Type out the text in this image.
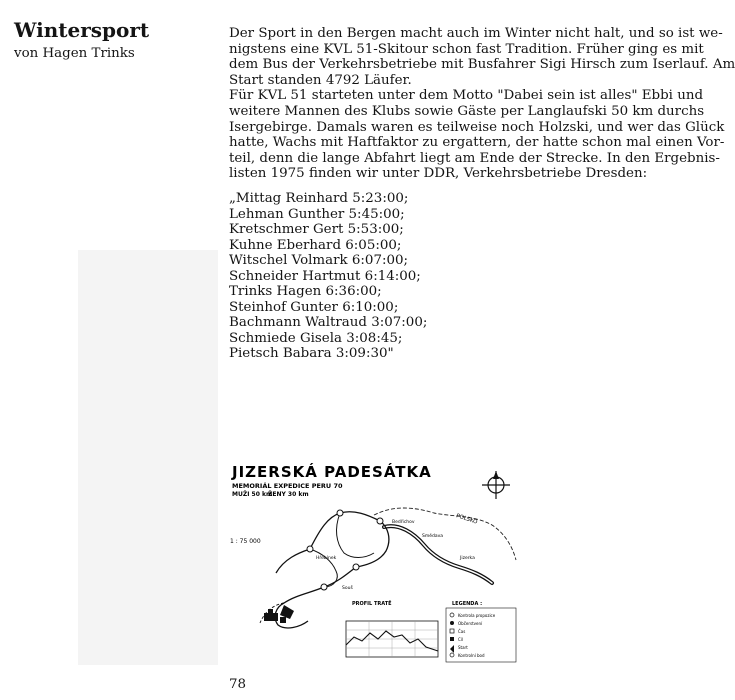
Wintersport
von Hagen Trinks

Der Sport in den Bergen macht auch im Winter nicht halt, und so ist we-
nigstens eine KVL 51-Skitour schon fast Tradition. Früher ging es mit
dem Bus der Verkehrsbetriebe mit Busfahrer Sigi Hirsch zum Iserlauf. Am
Start standen 4792 Läufer.

Für KVL 51 starteten unter dem Motto "Dabei sein ist alles" Ebbi und
weitere Mannen des Klubs sowie Gäste per Langlaufski 50 km durchs
Isergebirge. Damals waren es teilweise noch Holzski, und wer das Glück
hatte, Wachs mit Haftfaktor zu ergattern, der hatte schon mal einen Vor-
teil, denn die lange Abfahrt liegt am Ende der Strecke. In den Ergebnis-
listen 1975 finden wir unter DDR, Verkehrsbetriebe Dresden:

„Mittag Reinhard 5:23:00;
Lehman Gunther 5:45:00;
Kretschmer Gert 5:53:00;
Kuhne Eberhard 6:05:00;
Witschel Volmark 6:07:00;
Schneider Hartmut 6:14:00;
Trinks Hagen 6:36:00;
Steinhof Gunter 6:10:00;
Bachmann Waltraud 3:07:00;
Schmiede Gisela 3:08:45;
Pietsch Babara 3:09:30"
JIZERSKÁ PADESÁTKA
MEMORIÁL EXPEDICE PERU 70
MUŽI 50 km
ŽENY 30 km
1 : 75 000
POLSKO
Bedřichov
Smědava
Jizerka
Hřebínek
Souš
PROFIL TRATĚ	LEGENDA :
Kontrola propozice
Občerstvení
Čas
Cíl
Start
Kontrolní bod
78
